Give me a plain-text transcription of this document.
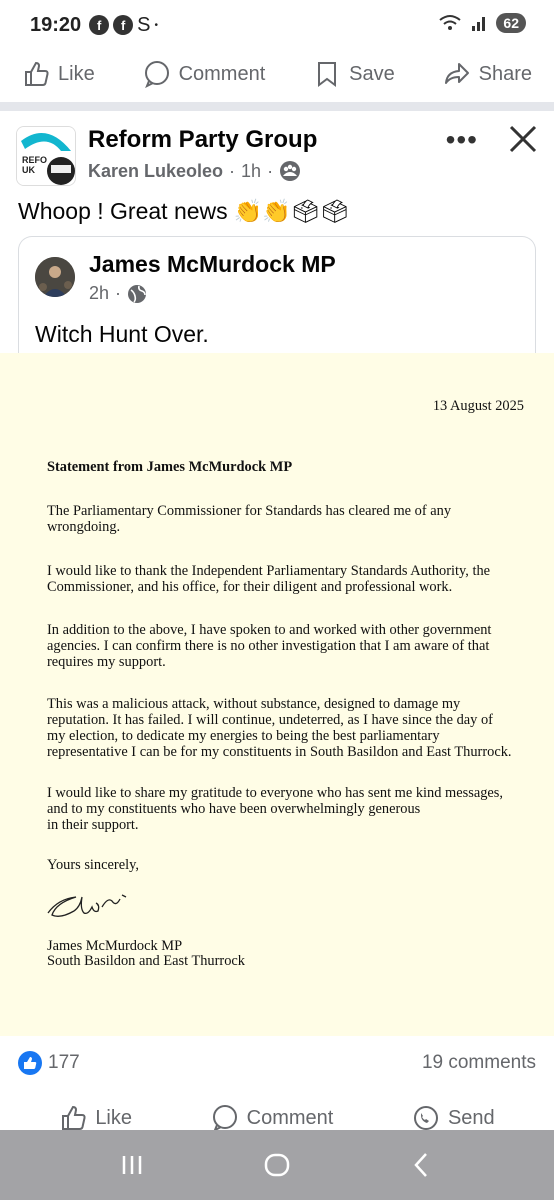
19:20	f	f S •	62
Like	Comment	Save	Share
REFO
UK
Reform Party Group
Karen Lukeoleo · 1h ·
•••
Whoop ! Great news 👏👏🗳🗳
James McMurdock MP
2h ·
Witch Hunt Over.
13 August 2025
Statement from James McMurdock MP

The Parliamentary Commissioner for Standards has cleared me of any
wrongdoing.

I would like to thank the Independent Parliamentary Standards Authority, the
Commissioner, and his office, for their diligent and professional work.

In addition to the above, I have spoken to and worked with other government
agencies. I can confirm there is no other investigation that I am aware of that
requires my support.

This was a malicious attack, without substance, designed to damage my
reputation. It has failed. I will continue, undeterred, as I have since the day of
my election, to dedicate my energies to being the best parliamentary
representative I can be for my constituents in South Basildon and East Thurrock.

I would like to share my gratitude to everyone who has sent me kind messages,
and to my constituents who have been overwhelmingly generous
in their support.

Yours sincerely,

James McMurdock MP

South Basildon and East Thurrock

177	19 comments
Like	Comment	Send
